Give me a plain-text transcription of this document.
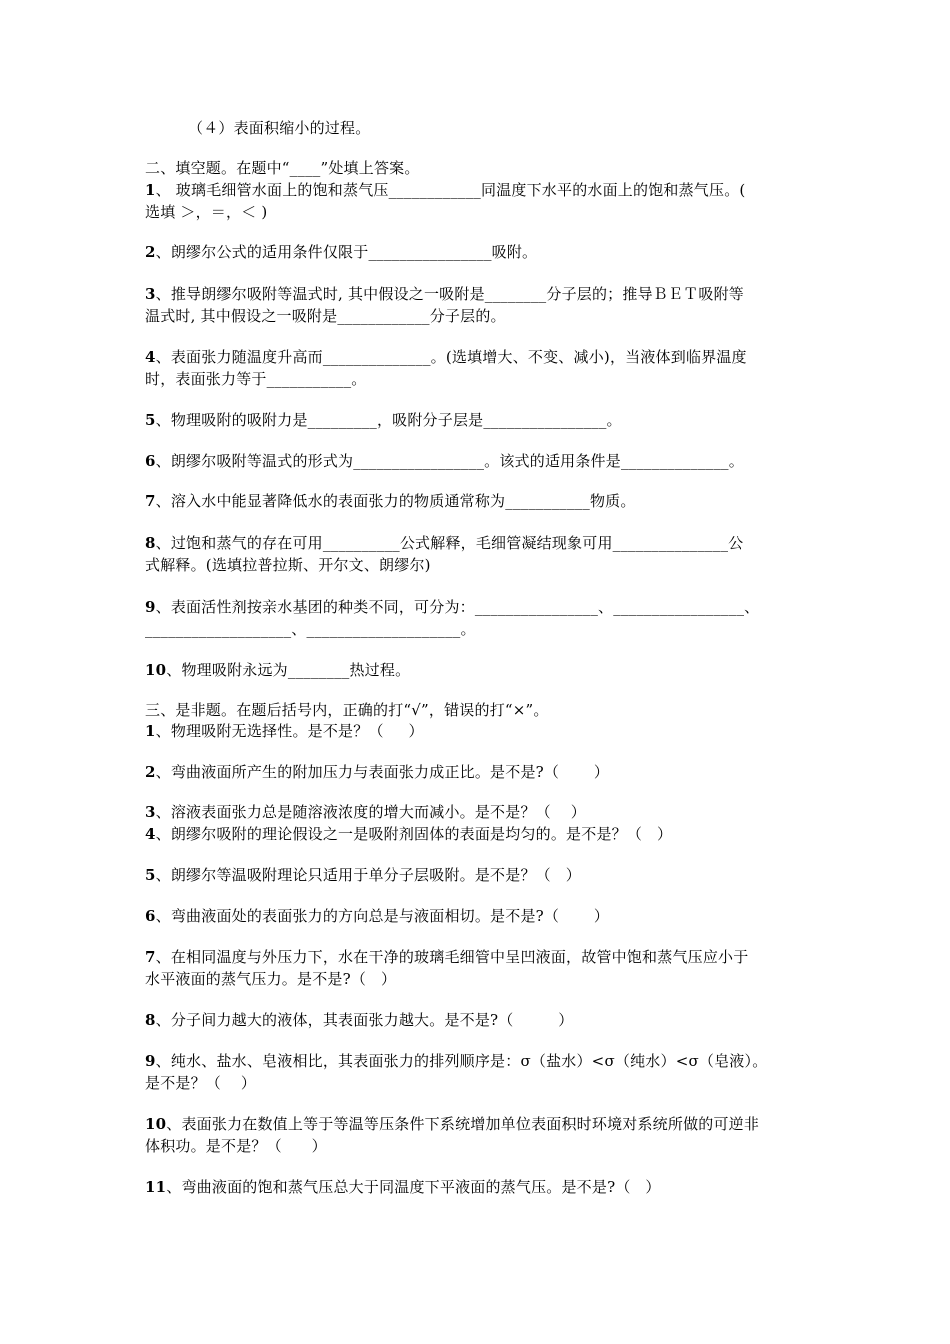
（４）表面积缩小的过程。
二、填空题。在题中“____”处填上答案。
1、 玻璃毛细管水面上的饱和蒸气压____________同温度下水平的水面上的饱和蒸气压。(
选填 ＞，＝，＜ )
2、朗缪尔公式的适用条件仅限于________________吸附。
3、推导朗缪尔吸附等温式时, 其中假设之一吸附是________分子层的；推导ＢＥＴ吸附等
温式时, 其中假设之一吸附是____________分子层的。
4、表面张力随温度升高而______________。(选填增大、不变、减小)，当液体到临界温度
时，表面张力等于___________。
5、物理吸附的吸附力是_________，吸附分子层是________________。
6、朗缪尔吸附等温式的形式为_________________。该式的适用条件是______________。
7、溶入水中能显著降低水的表面张力的物质通常称为___________物质。
8、过饱和蒸气的存在可用__________公式解释，毛细管凝结现象可用_______________公
式解释。(选填拉普拉斯、开尔文、朗缪尔)
9、表面活性剂按亲水基团的种类不同，可分为：________________、_________________、
___________________、____________________。
10、物理吸附永远为________热过程。
三、是非题。在题后括号内，正确的打“√”，错误的打“×”。
1、物理吸附无选择性。是不是？（     ）
2、弯曲液面所产生的附加压力与表面张力成正比。是不是?（       ）
3、溶液表面张力总是随溶液浓度的增大而减小。是不是？（    ）
4、朗缪尔吸附的理论假设之一是吸附剂固体的表面是均匀的。是不是？（   ）
5、朗缪尔等温吸附理论只适用于单分子层吸附。是不是？（   ）
6、弯曲液面处的表面张力的方向总是与液面相切。是不是?（       ）
7、在相同温度与外压力下，水在干净的玻璃毛细管中呈凹液面，故管中饱和蒸气压应小于
水平液面的蒸气压力。是不是?（   ）
8、分子间力越大的液体，其表面张力越大。是不是?（         ）
9、纯水、盐水、皂液相比，其表面张力的排列顺序是：σ（盐水）<σ（纯水）<σ（皂液）。
是不是？（    ）
10、表面张力在数值上等于等温等压条件下系统增加单位表面积时环境对系统所做的可逆非
体积功。是不是？（      ）
11、弯曲液面的饱和蒸气压总大于同温度下平液面的蒸气压。是不是?（   ）
